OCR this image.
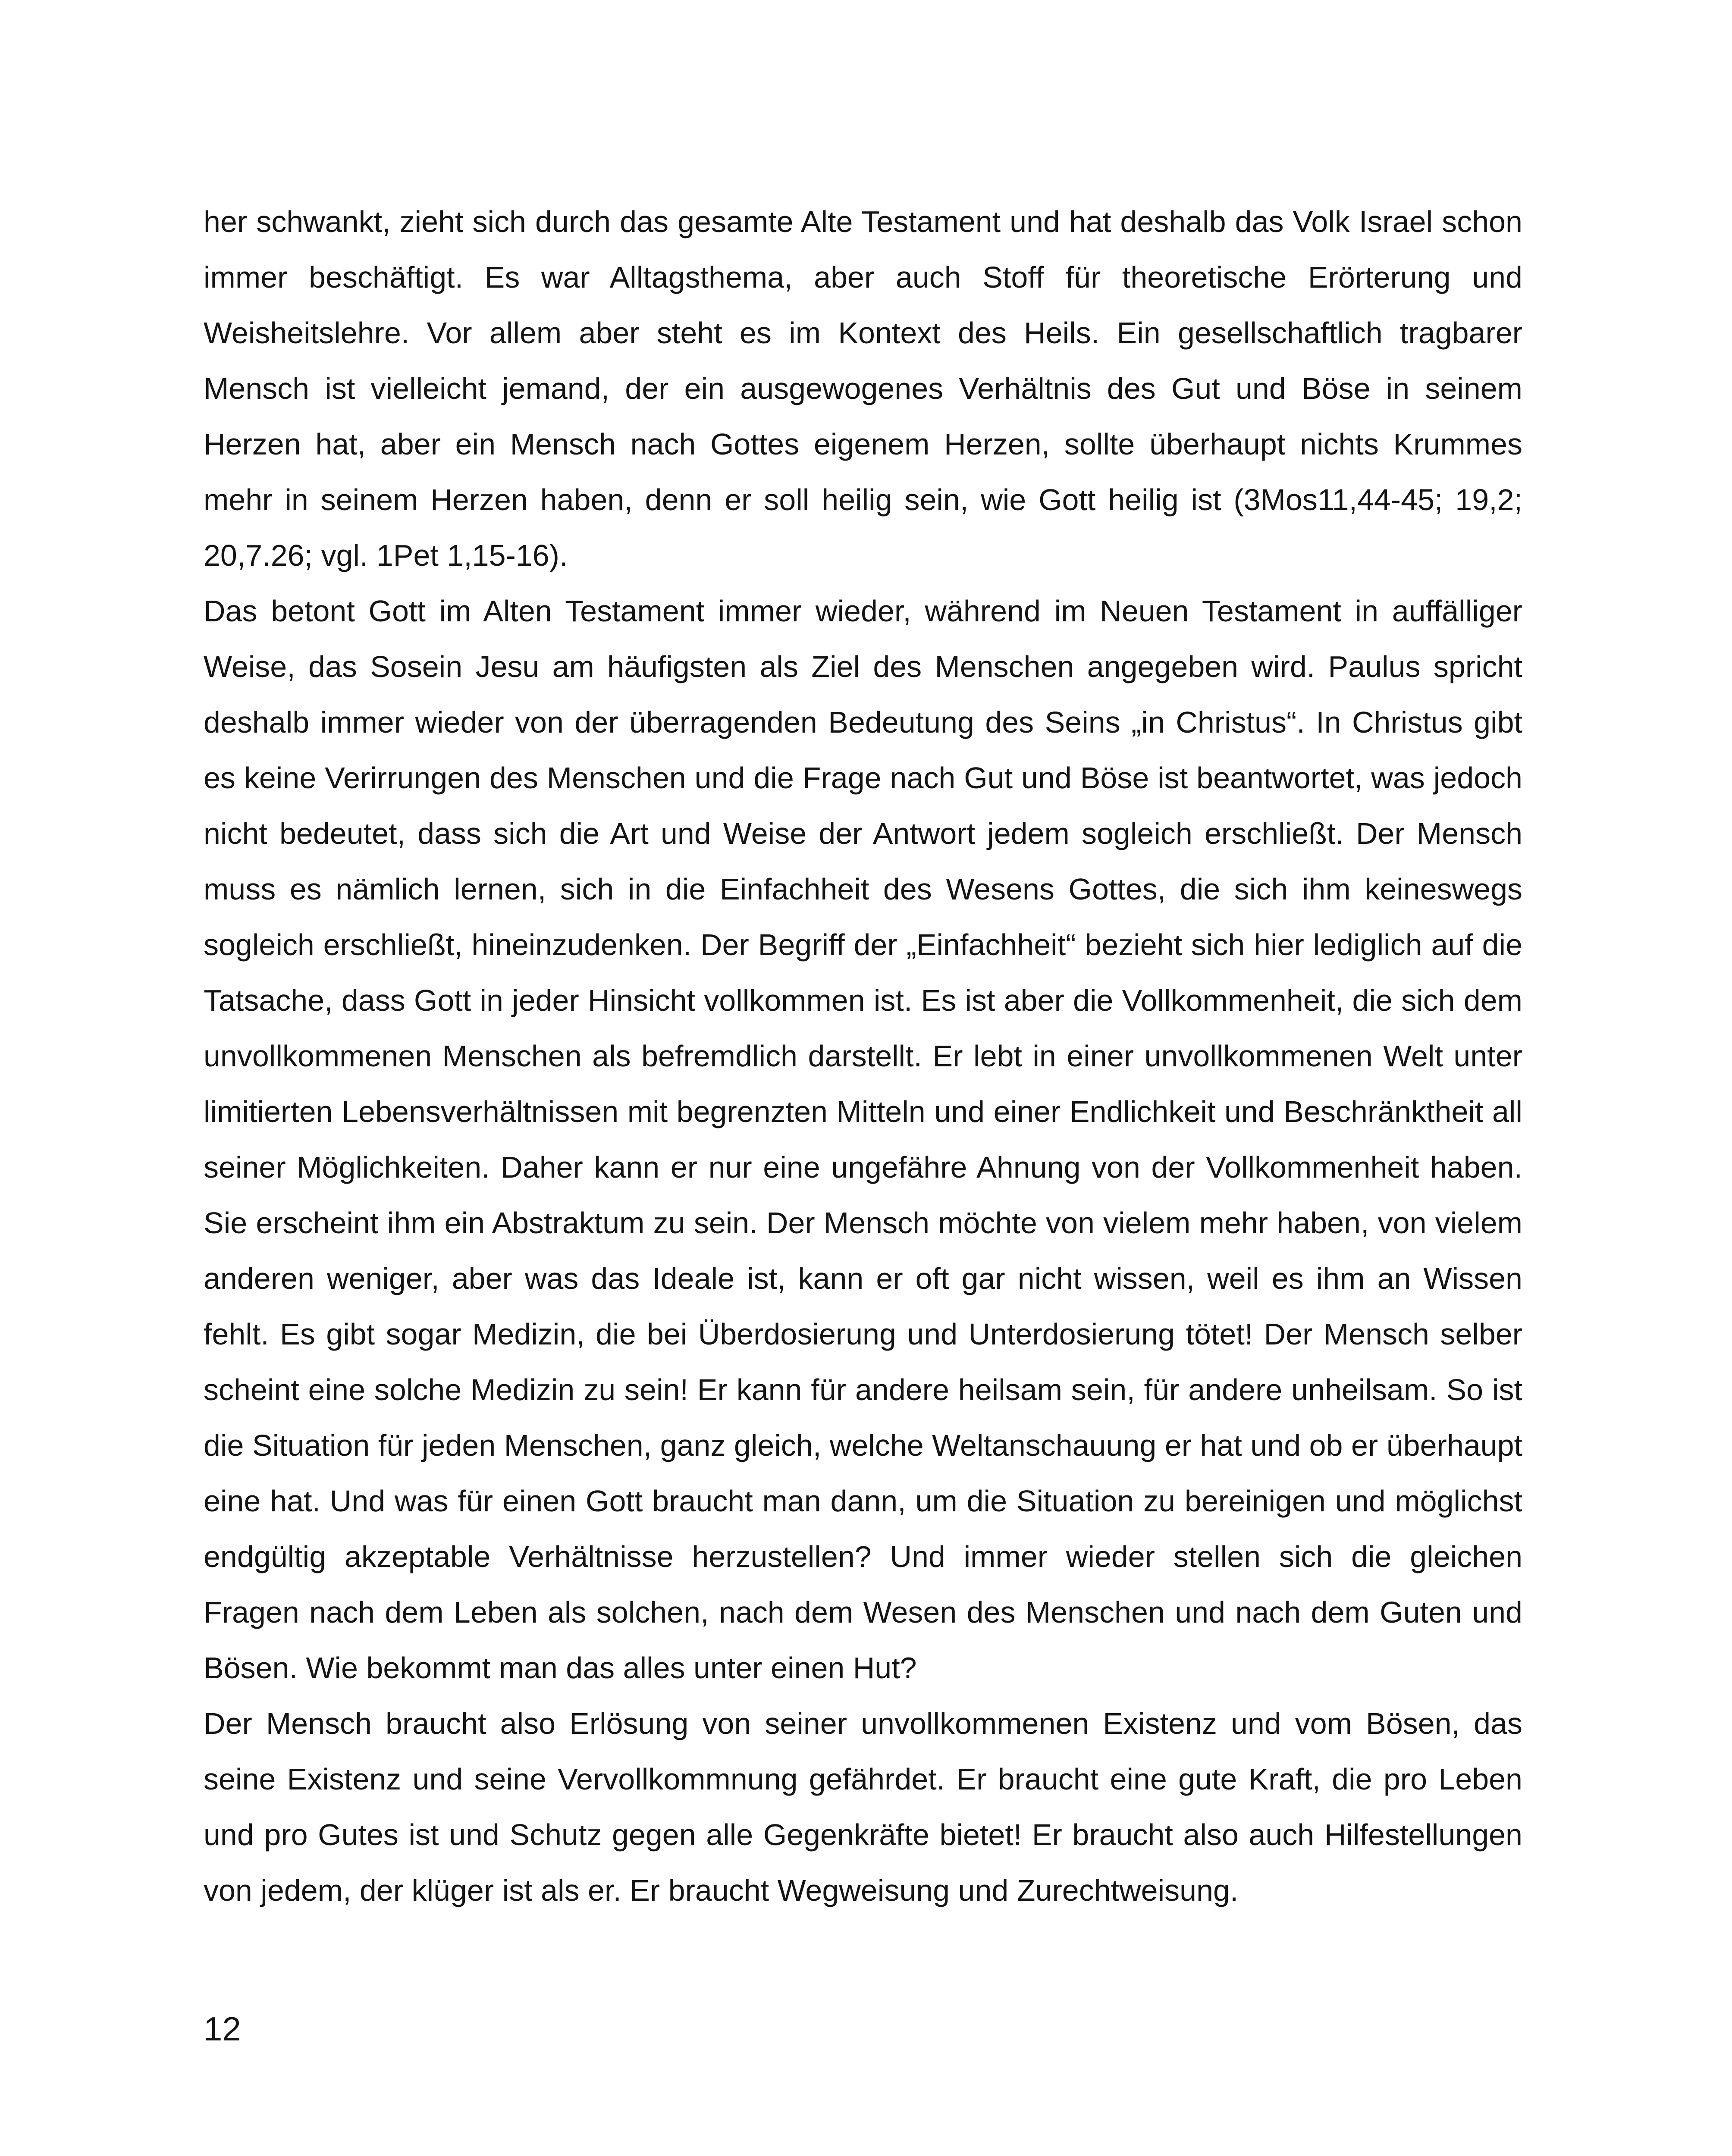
her schwankt, zieht sich durch das gesamte Alte Testament und hat deshalb das Volk Israel schon immer beschäftigt. Es war Alltagsthema, aber auch Stoff für theoretische Erörterung und Weisheitslehre. Vor allem aber steht es im Kontext des Heils. Ein gesellschaftlich tragbarer Mensch ist vielleicht jemand, der ein ausgewogenes Verhältnis des Gut und Böse in seinem Herzen hat, aber ein Mensch nach Gottes eigenem Herzen, sollte überhaupt nichts Krummes mehr in seinem Herzen haben, denn er soll heilig sein, wie Gott heilig ist (3Mos11,44-45; 19,2; 20,7.26; vgl. 1Pet 1,15-16).

Das betont Gott im Alten Testament immer wieder, während im Neuen Testament in auffälliger Weise, das Sosein Jesu am häufigsten als Ziel des Menschen angegeben wird. Paulus spricht deshalb immer wieder von der überragenden Bedeutung des Seins „in Christus“. In Christus gibt es keine Verirrungen des Menschen und die Frage nach Gut und Böse ist beantwortet, was jedoch nicht bedeutet, dass sich die Art und Weise der Antwort jedem sogleich erschließt. Der Mensch muss es nämlich lernen, sich in die Einfachheit des Wesens Gottes, die sich ihm keineswegs sogleich erschließt, hineinzudenken. Der Begriff der „Einfachheit“ bezieht sich hier lediglich auf die Tatsache, dass Gott in jeder Hinsicht vollkommen ist. Es ist aber die Vollkommenheit, die sich dem unvollkommenen Menschen als befremdlich darstellt. Er lebt in einer unvollkommenen Welt unter limitierten Lebensverhältnissen mit begrenzten Mitteln und einer Endlichkeit und Beschränktheit all seiner Möglichkeiten. Daher kann er nur eine ungefähre Ahnung von der Vollkommenheit haben. Sie erscheint ihm ein Abstraktum zu sein. Der Mensch möchte von vielem mehr haben, von vielem anderen weniger, aber was das Ideale ist, kann er oft gar nicht wissen, weil es ihm an Wissen fehlt. Es gibt sogar Medizin, die bei Überdosierung und Unterdosierung tötet! Der Mensch selber scheint eine solche Medizin zu sein! Er kann für andere heilsam sein, für andere unheilsam. So ist die Situation für jeden Menschen, ganz gleich, welche Weltanschauung er hat und ob er überhaupt eine hat. Und was für einen Gott braucht man dann, um die Situation zu bereinigen und möglichst endgültig akzeptable Verhältnisse herzustellen? Und immer wieder stellen sich die gleichen Fragen nach dem Leben als solchen, nach dem Wesen des Menschen und nach dem Guten und Bösen. Wie bekommt man das alles unter einen Hut?

Der Mensch braucht also Erlösung von seiner unvollkommenen Existenz und vom Bösen, das seine Existenz und seine Vervollkommnung gefährdet. Er braucht eine gute Kraft, die pro Leben und pro Gutes ist und Schutz gegen alle Gegenkräfte bietet! Er braucht also auch Hilfestellungen von jedem, der klüger ist als er. Er braucht Wegweisung und Zurechtweisung.

12
